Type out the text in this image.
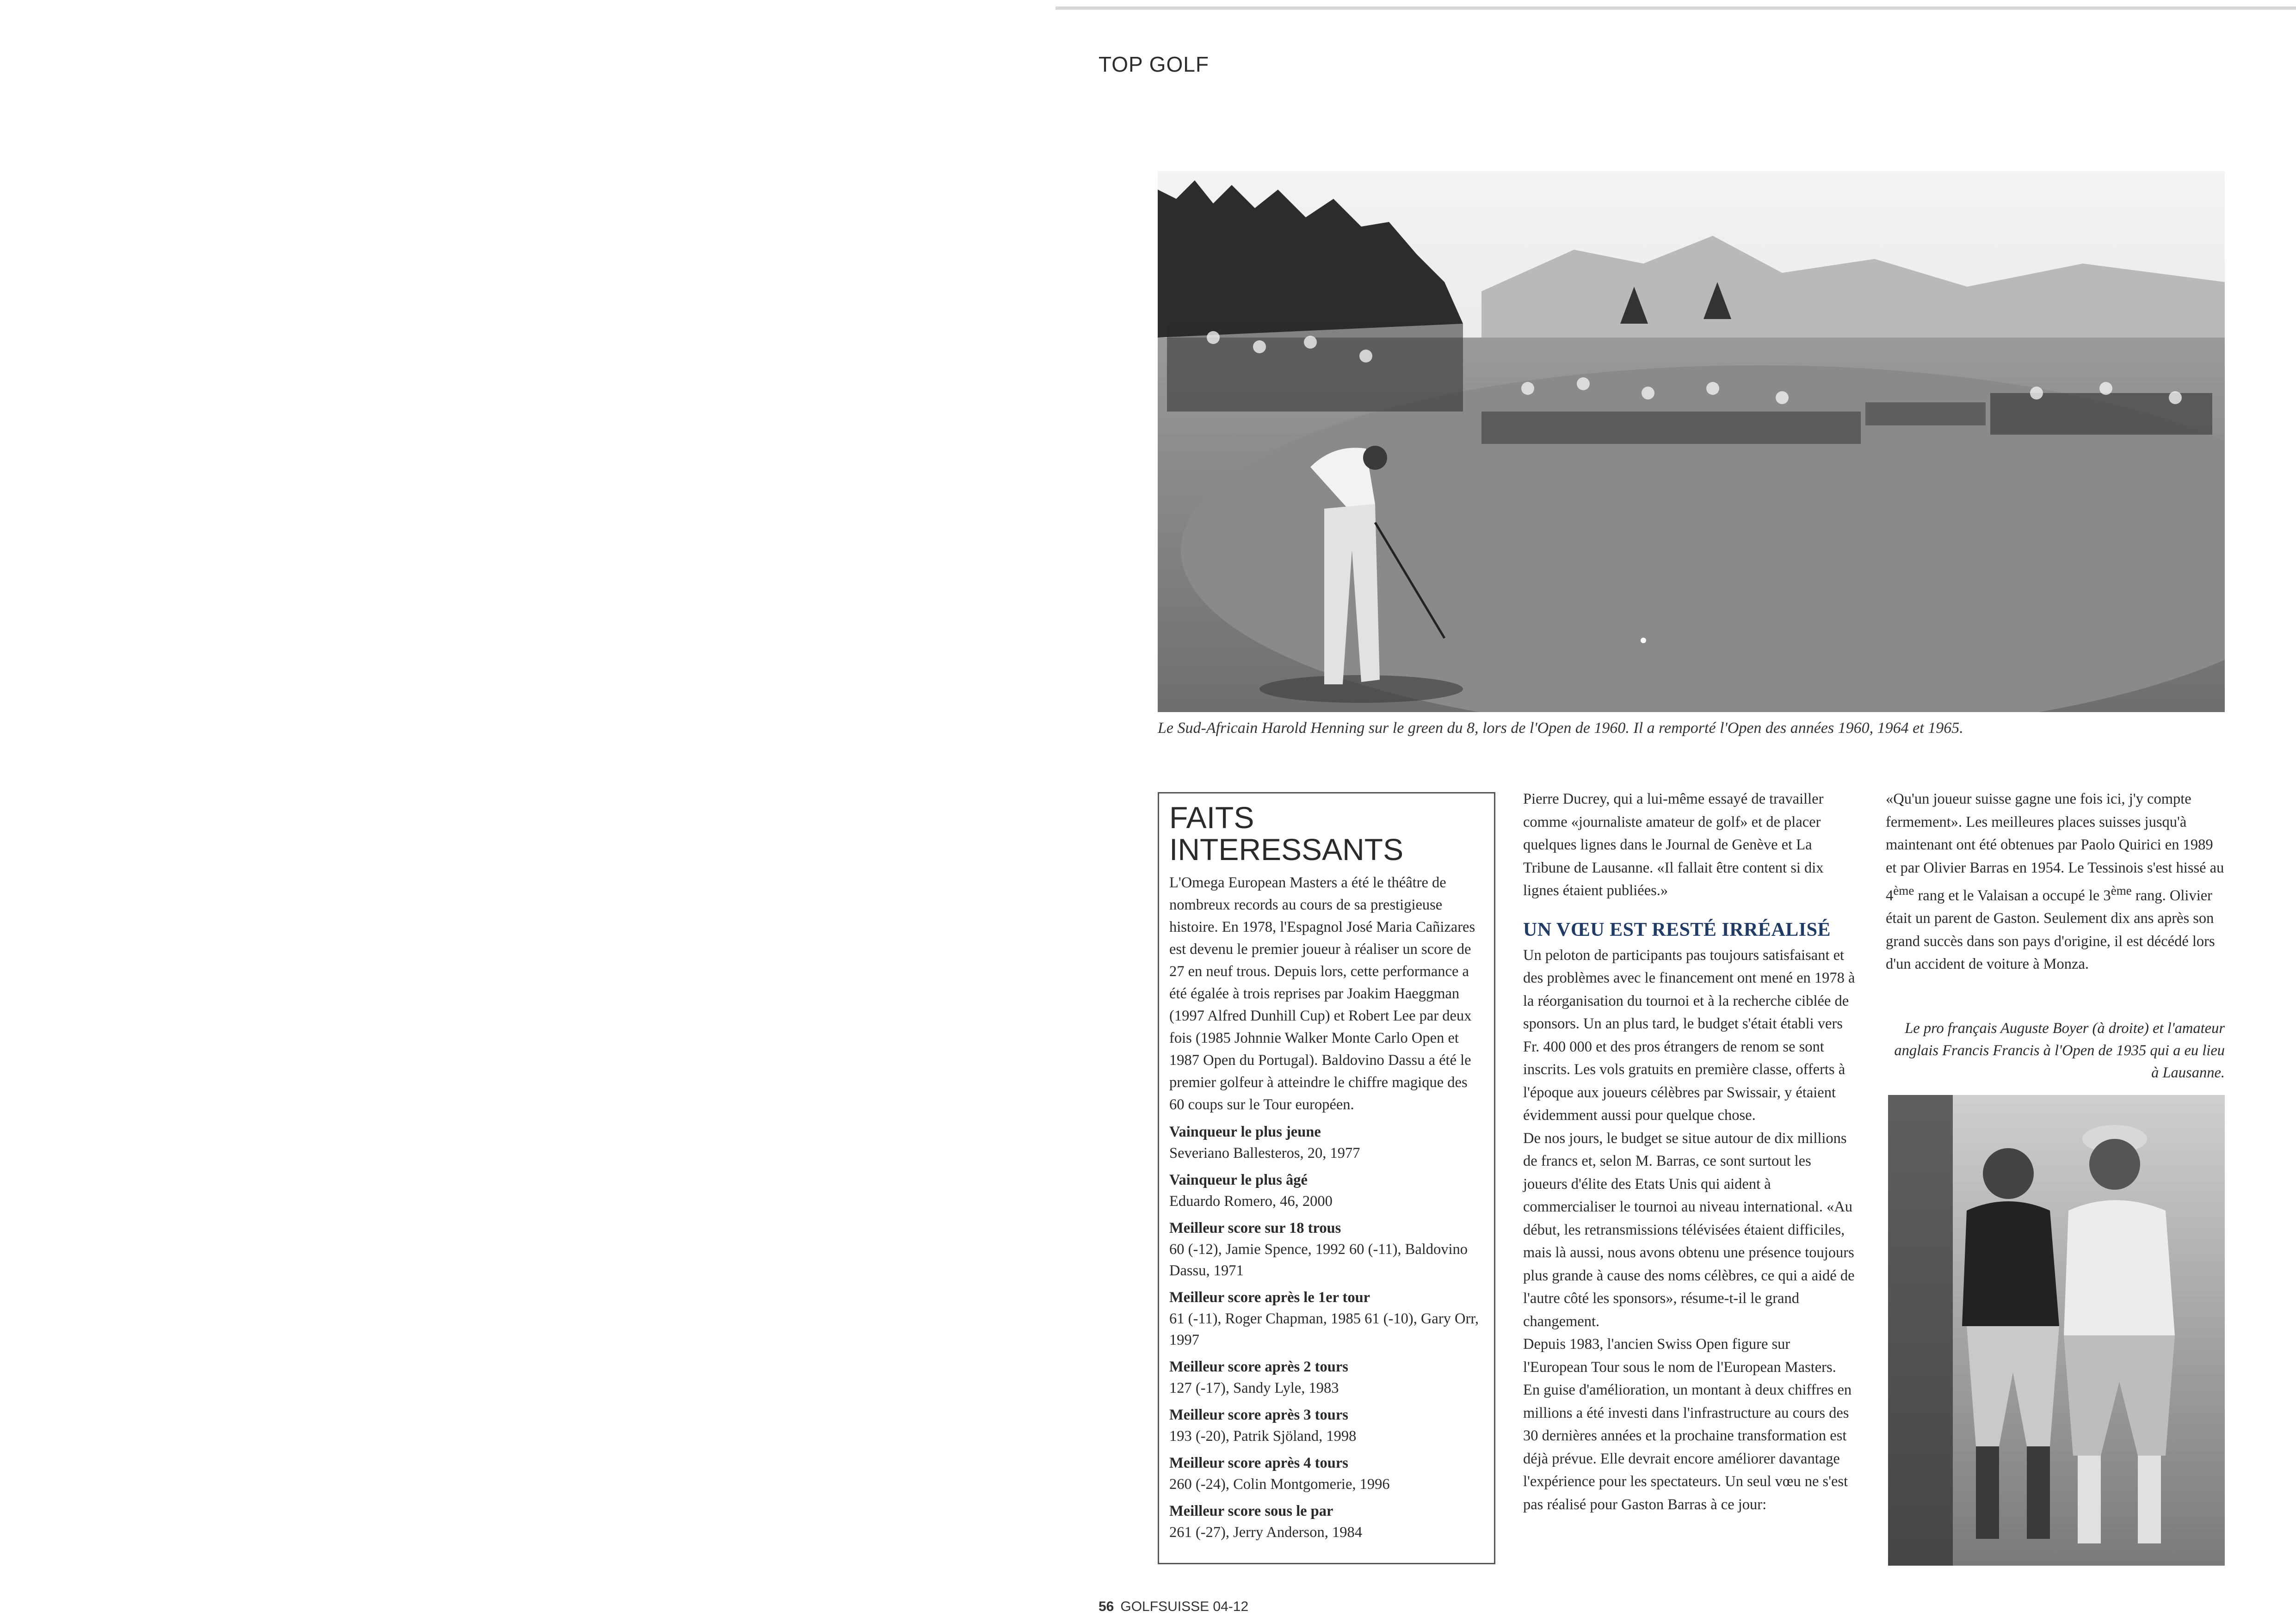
TOP GOLF
Le Sud-Africain Harold Henning sur le green du 8, lors de l'Open de 1960. Il a remporté l'Open des années 1960, 1964 et 1965.
FAITS INTERESSANTS

L'Omega European Masters a été le théâtre de nombreux records au cours de sa prestigieuse histoire. En 1978, l'Espagnol José Maria Cañizares est devenu le premier joueur à réaliser un score de 27 en neuf trous. Depuis lors, cette performance a été égalée à trois reprises par Joakim Haeggman (1997 Alfred Dunhill Cup) et Robert Lee par deux fois (1985 Johnnie Walker Monte Carlo Open et 1987 Open du Portugal). Baldovino Dassu a été le premier golfeur à atteindre le chiffre magique des 60 coups sur le Tour européen.

Vainqueur le plus jeune
Severiano Ballesteros, 20, 1977
Vainqueur le plus âgé
Eduardo Romero, 46, 2000
Meilleur score sur 18 trous
60 (-12), Jamie Spence, 1992 60 (-11), Baldovino Dassu, 1971
Meilleur score après le 1er tour
61 (-11), Roger Chapman, 1985 61 (-10), Gary Orr, 1997
Meilleur score après 2 tours
127 (-17), Sandy Lyle, 1983
Meilleur score après 3 tours
193 (-20), Patrik Sjöland, 1998
Meilleur score après 4 tours
260 (-24), Colin Montgomerie, 1996
Meilleur score sous le par
261 (-27), Jerry Anderson, 1984

Pierre Ducrey, qui a lui-même essayé de travailler comme «journaliste amateur de golf» et de placer quelques lignes dans le Journal de Genève et La Tribune de Lausanne. «Il fallait être content si dix lignes étaient publiées.»

UN VŒU EST RESTÉ IRRÉALISÉ

Un peloton de participants pas toujours satisfaisant et des problèmes avec le financement ont mené en 1978 à la réorganisation du tournoi et à la recherche ciblée de sponsors. Un an plus tard, le budget s'était établi vers Fr. 400 000 et des pros étrangers de renom se sont inscrits. Les vols gratuits en première classe, offerts à l'époque aux joueurs célèbres par Swissair, y étaient évidemment aussi pour quelque chose.

De nos jours, le budget se situe autour de dix millions de francs et, selon M. Barras, ce sont surtout les joueurs d'élite des Etats Unis qui aident à commercialiser le tournoi au niveau international. «Au début, les retransmissions télévisées étaient difficiles, mais là aussi, nous avons obtenu une présence toujours plus grande à cause des noms célèbres, ce qui a aidé de l'autre côté les sponsors», résume-t-il le grand changement.

Depuis 1983, l'ancien Swiss Open figure sur l'European Tour sous le nom de l'European Masters. En guise d'amélioration, un montant à deux chiffres en millions a été investi dans l'infrastructure au cours des 30 dernières années et la prochaine transformation est déjà prévue. Elle devrait encore améliorer davantage l'expérience pour les spectateurs. Un seul vœu ne s'est pas réalisé pour Gaston Barras à ce jour:

«Qu'un joueur suisse gagne une fois ici, j'y compte fermement». Les meilleures places suisses jusqu'à maintenant ont été obtenues par Paolo Quirici en 1989 et par Olivier Barras en 1954. Le Tessinois s'est hissé au 4ème rang et le Valaisan a occupé le 3ème rang. Olivier était un parent de Gaston. Seulement dix ans après son grand succès dans son pays d'origine, il est décédé lors d'un accident de voiture à Monza.

Le pro français Auguste Boyer (à droite) et l'amateur anglais Francis Francis à l'Open de 1935 qui a eu lieu à Lausanne.
56 GOLFSUISSE 04-12
